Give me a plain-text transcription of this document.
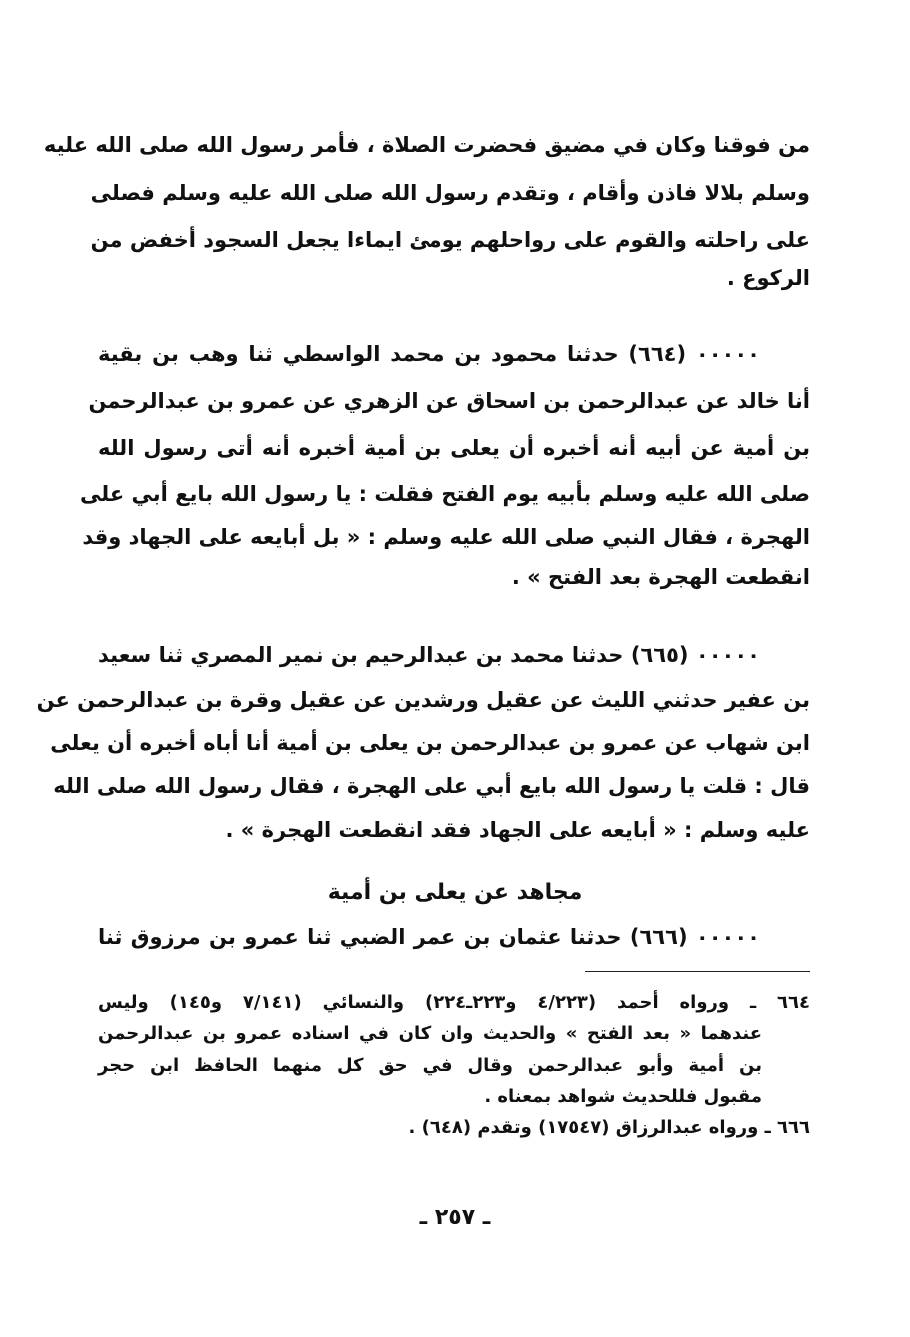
من فوقنا وكان في مضيق فحضرت الصلاة ، فأمر رسول الله صلى الله عليه
وسلم بلالا فاذن وأقام ، وتقدم رسول الله صلى الله عليه وسلم فصلى
على راحلته والقوم على رواحلهم يومئ ايماءا يجعل السجود أخفض من
الركوع .
٠٠٠٠٠ (٦٦٤) حدثنا محمود بن محمد الواسطي ثنا وهب بن بقية
أنا خالد عن عبدالرحمن بن اسحاق عن الزهري عن عمرو بن عبدالرحمن
بن أمية عن أبيه أنه أخبره أن يعلى بن أمية أخبره أنه أتى رسول الله
صلى الله عليه وسلم بأبيه يوم الفتح فقلت : يا رسول الله بايع أبي على
الهجرة ، فقال النبي صلى الله عليه وسلم : « بل أبايعه على الجهاد وقد
انقطعت الهجرة بعد الفتح » .
٠٠٠٠٠ (٦٦٥) حدثنا محمد بن عبدالرحيم بن نمير المصري ثنا سعيد
بن عفير حدثني الليث عن عقيل ورشدين عن عقيل وقرة بن عبدالرحمن عن
ابن شهاب عن عمرو بن عبدالرحمن بن يعلى بن أمية أنا أباه أخبره أن يعلى
قال : قلت يا رسول الله بايع أبي على الهجرة ، فقال رسول الله صلى الله
عليه وسلم : « أبايعه على الجهاد فقد انقطعت الهجرة » .
مجاهد عن يعلى بن أمية
٠٠٠٠٠ (٦٦٦) حدثنا عثمان بن عمر الضبي ثنا عمرو بن مرزوق ثنا
٦٦٤ ـ ورواه أحمد (٤/٢٢٣ و٢٢٣ـ٢٢٤) والنسائي (٧/١٤١ و١٤٥) وليس
عندهما « بعد الفتح » والحديث وان كان في اسناده عمرو بن عبدالرحمن
بن أمية وأبو عبدالرحمن وقال في حق كل منهما الحافظ ابن حجر
مقبول فللحديث شواهد بمعناه .
٦٦٦ ـ ورواه عبدالرزاق (١٧٥٤٧) وتقدم (٦٤٨) .
ـ ٢٥٧ ـ
